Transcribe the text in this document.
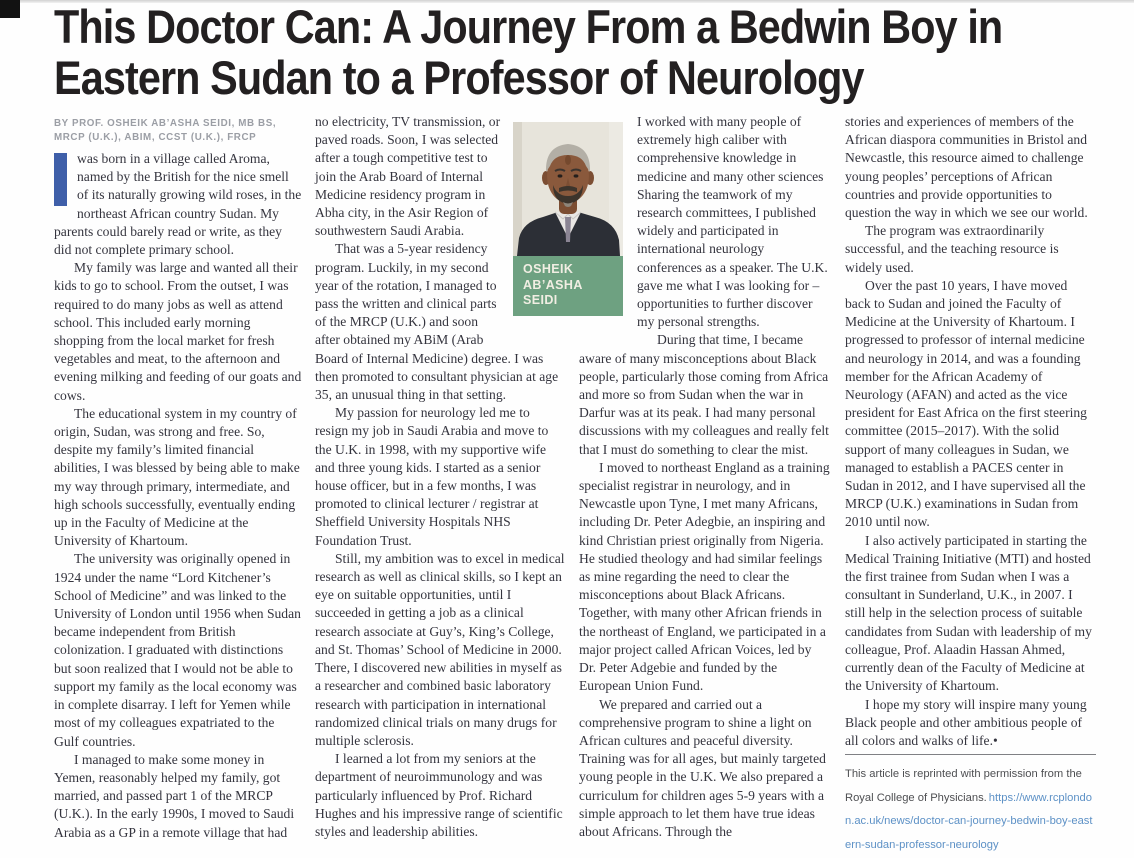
This Doctor Can: A Journey From a Bedwin Boy in
Eastern Sudan to a Professor of Neurology
BY PROF. OSHEIK AB’ASHA SEIDI, MB BS,
MRCP (U.K.), ABIM, CCST (U.K.), FRCP

was born in a village called Aroma, named by the British for the nice smell of its naturally growing wild roses, in the northeast African country Sudan. My parents could barely read or write, as they did not complete primary school.

My family was large and wanted all their kids to go to school. From the outset, I was required to do many jobs as well as attend school. This included early morning shopping from the local market for fresh vegetables and meat, to the afternoon and evening milking and feeding of our goats and cows.

The educational system in my country of origin, Sudan, was strong and free. So, despite my family’s limited financial abilities, I was blessed by being able to make my way through primary, intermediate, and high schools successfully, eventually ending up in the Faculty of Medicine at the University of Khartoum.

The university was originally opened in 1924 under the name “Lord Kitchener’s School of Medicine” and was linked to the University of London until 1956 when Sudan became independent from British colonization. I graduated with distinctions but soon realized that I would not be able to support my family as the local economy was in complete disarray. I left for Yemen while most of my colleagues expatriated to the Gulf countries.

I managed to make some money in Yemen, reasonably helped my family, got married, and passed part 1 of the MRCP (U.K.). In the early 1990s, I moved to Saudi Arabia as a GP in a remote village that had

no electricity, TV transmission, or paved roads. Soon, I was selected after a tough competitive test to join the Arab Board of Internal Medicine residency program in Abha city, in the Asir Region of southwestern Saudi Arabia.

That was a 5-year residency program. Luckily, in my second year of the rotation, I managed to pass the written and clinical parts of the MRCP (U.K.) and soon after obtained my ABiM (Arab Board of Internal Medicine) degree. I was then promoted to consultant physician at age 35, an unusual thing in that setting.

My passion for neurology led me to resign my job in Saudi Arabia and move to the U.K. in 1998, with my supportive wife and three young kids. I started as a senior house officer, but in a few months, I was promoted to clinical lecturer / registrar at Sheffield University Hospitals NHS Foundation Trust.

Still, my ambition was to excel in medical research as well as clinical skills, so I kept an eye on suitable opportunities, until I succeeded in getting a job as a clinical research associate at Guy’s, King’s College, and St. Thomas’ School of Medicine in 2000. There, I discovered new abilities in myself as a researcher and combined basic laboratory research with participation in international randomized clinical trials on many drugs for multiple sclerosis.

I learned a lot from my seniors at the department of neuroimmunology and was particularly influenced by Prof. Richard Hughes and his impressive range of scientific styles and leadership abilities.

I worked with many people of extremely high caliber with comprehensive knowledge in medicine and many other sciences Sharing the teamwork of my research committees, I published widely and participated in international neurology conferences as a speaker. The U.K. gave me what I was looking for – opportunities to further discover my personal strengths.

During that time, I became aware of many misconceptions about Black people, particularly those coming from Africa and more so from Sudan when the war in Darfur was at its peak. I had many personal discussions with my colleagues and really felt that I must do something to clear the mist.

I moved to northeast England as a training specialist registrar in neurology, and in Newcastle upon Tyne, I met many Africans, including Dr. Peter Adegbie, an inspiring and kind Christian priest originally from Nigeria. He studied theology and had similar feelings as mine regarding the need to clear the misconceptions about Black Africans. Together, with many other African friends in the northeast of England, we participated in a major project called African Voices, led by Dr. Peter Adgebie and funded by the European Union Fund.

We prepared and carried out a comprehensive program to shine a light on African cultures and peaceful diversity. Training was for all ages, but mainly targeted young people in the U.K. We also prepared a curriculum for children ages 5-9 years with a simple approach to let them have true ideas about Africans. Through the

stories and experiences of members of the African diaspora communities in Bristol and Newcastle, this resource aimed to challenge young peoples’ perceptions of African countries and provide opportunities to question the way in which we see our world.

The program was extraordinarily successful, and the teaching resource is widely used.

Over the past 10 years, I have moved back to Sudan and joined the Faculty of Medicine at the University of Khartoum. I progressed to professor of internal medicine and neurology in 2014, and was a founding member for the African Academy of Neurology (AFAN) and acted as the vice president for East Africa on the first steering committee (2015–2017). With the solid support of many colleagues in Sudan, we managed to establish a PACES center in Sudan in 2012, and I have supervised all the MRCP (U.K.) examinations in Sudan from 2010 until now.

I also actively participated in starting the Medical Training Initiative (MTI) and hosted the first trainee from Sudan when I was a consultant in Sunderland, U.K., in 2007. I still help in the selection process of suitable candidates from Sudan with leadership of my colleague, Prof. Alaadin Hassan Ahmed, currently dean of the Faculty of Medicine at the University of Khartoum.

I hope my story will inspire many young Black people and other ambitious people of all colors and walks of life.•

OSHEIK
AB’ASHA
SEIDI
This article is reprinted with permission from the Royal College of Physicians. https://www.rcplondon.ac.uk/news/doctor-can-journey-bedwin-boy-eastern-sudan-professor-neurology
